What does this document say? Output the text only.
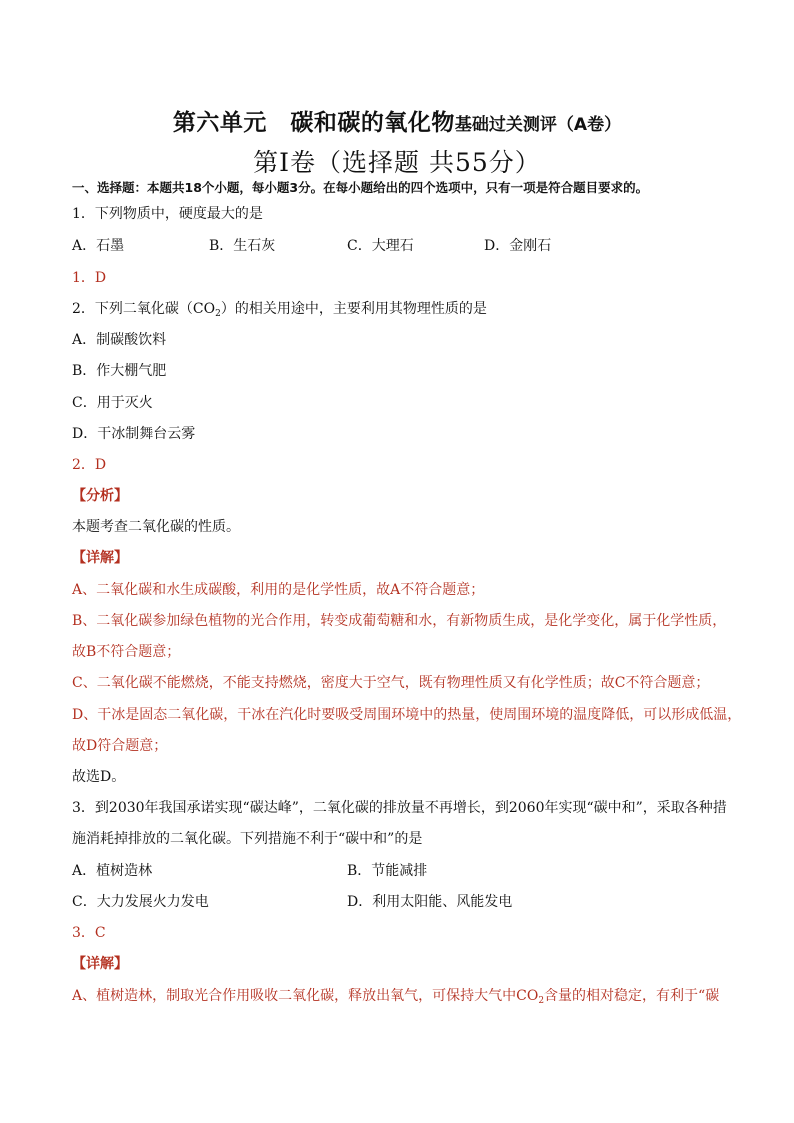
第六单元　碳和碳的氧化物基础过关测评（A卷）
第Ⅰ卷（选择题 共55分）
一、选择题：本题共18个小题，每小题3分。在每小题给出的四个选项中，只有一项是符合题目要求的。
1．下列物质中，硬度最大的是
A．石墨	B．生石灰	C．大理石	D．金刚石
1．D
2．下列二氧化碳$(CO_2)$的相关用途中，主要利用其物理性质的是
A．制碳酸饮料
B．作大棚气肥
C．用于灭火
D．干冰制舞台云雾
2．D
【分析】
本题考查二氧化碳的性质。
【详解】
A、二氧化碳和水生成碳酸，利用的是化学性质，故A不符合题意；
B、二氧化碳参加绿色植物的光合作用，转变成葡萄糖和水，有新物质生成，是化学变化，属于化学性质，
故B不符合题意；
C、二氧化碳不能燃烧，不能支持燃烧，密度大于空气，既有物理性质又有化学性质；故C不符合题意；
D、干冰是固态二氧化碳，干冰在汽化时要吸受周围环境中的热量，使周围环境的温度降低，可以形成低温，
故D符合题意；
故选D。
3．到2030年我国承诺实现“碳达峰”，二氧化碳的排放量不再增长，到2060年实现“碳中和”，采取各种措
施消耗掉排放的二氧化碳。下列措施不利于“碳中和”的是
A．植树造林	B．节能减排
C．大力发展火力发电	D．利用太阳能、风能发电
3．C
【详解】
A、植树造林，制取光合作用吸收二氧化碳，释放出氧气，可保持大气中$CO_2$含量的相对稳定，有利于“碳
